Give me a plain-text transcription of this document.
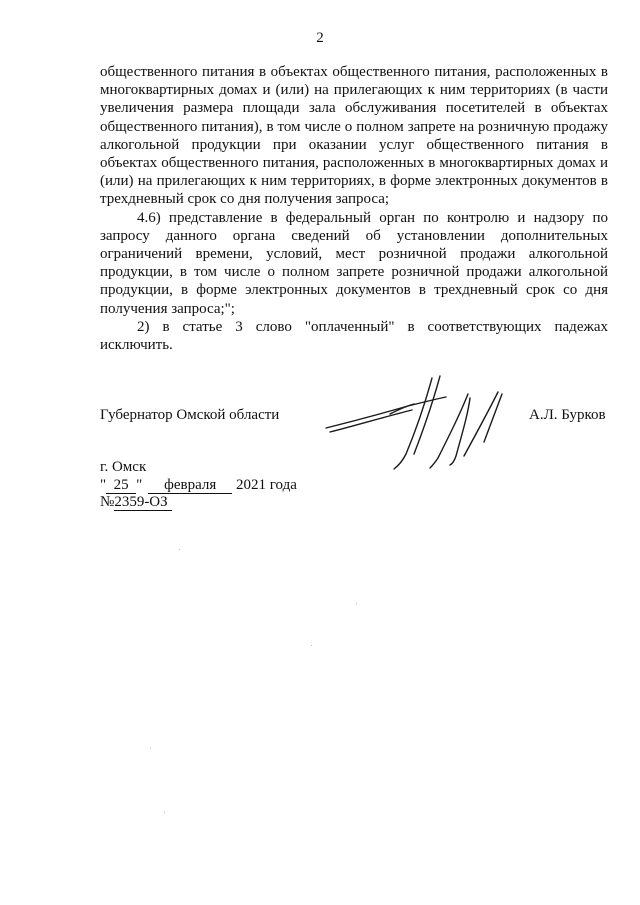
2

общественного питания в объектах общественного питания, расположенных в многоквартирных домах и (или) на прилегающих к ним территориях (в части увеличения размера площади зала обслуживания посетителей в объектах общественного питания), в том числе о полном запрете на розничную продажу алкогольной продукции при оказании услуг общественного питания в объектах общественного питания, расположенных в многоквартирных домах и (или) на прилегающих к ним территориях, в форме электронных документов в трехдневный срок со дня получения запроса;

4.6) представление в федеральный орган по контролю и надзору по запросу данного органа сведений об установлении дополнительных ограничений времени, условий, мест розничной продажи алкогольной продукции, в том числе о полном запрете розничной продажи алкогольной продукции, в форме электронных документов в трехдневный срок со дня получения запроса;";

2) в статье 3 слово "оплаченный" в соответствующих падежах исключить.

Губернатор Омской области	А.Л. Бурков
г. Омск
" 25 " февраля 2021 года
№2359-ОЗ
